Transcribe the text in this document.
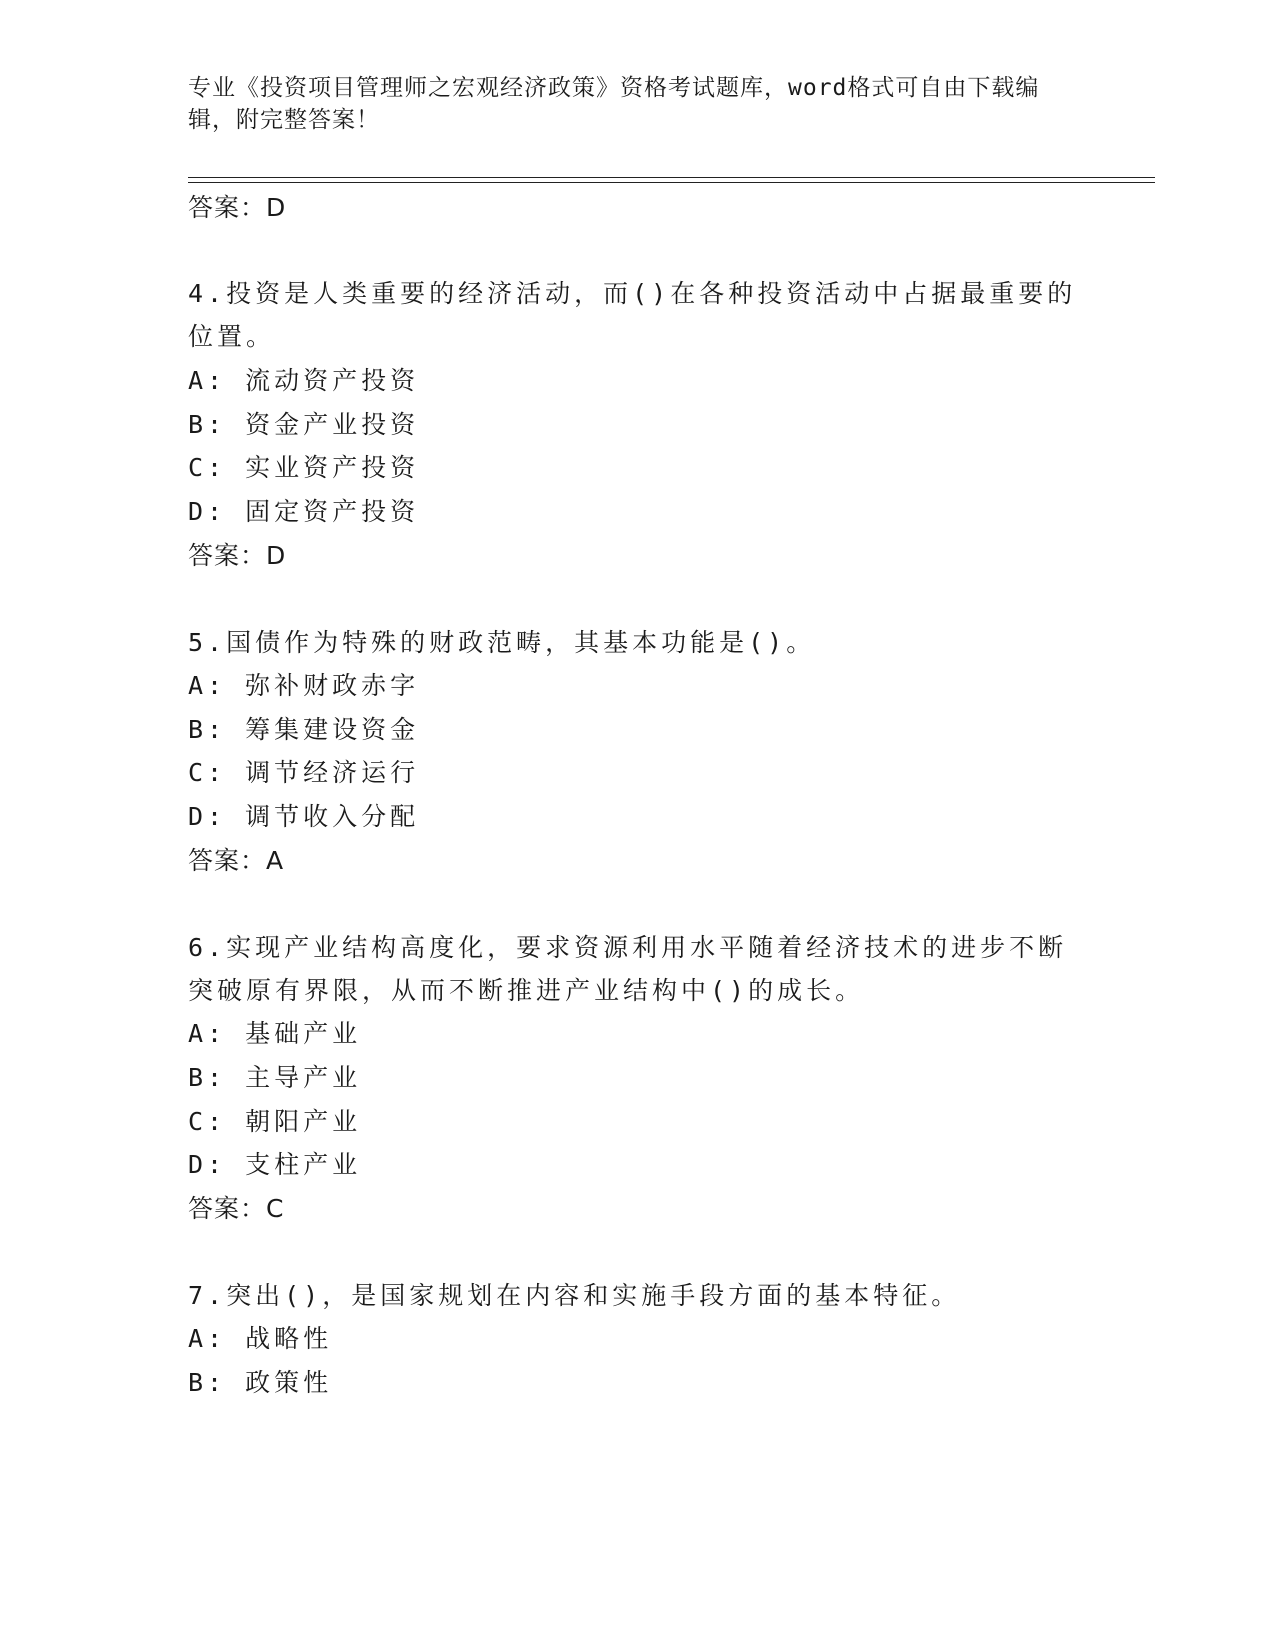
专业《投资项目管理师之宏观经济政策》资格考试题库，word格式可自由下载编辑，附完整答案！
答案：D
4.投资是人类重要的经济活动，而()在各种投资活动中占据最重要的
位置。
A: 流动资产投资
B: 资金产业投资
C: 实业资产投资
D: 固定资产投资
答案：D
5.国债作为特殊的财政范畴，其基本功能是()。
A: 弥补财政赤字
B: 筹集建设资金
C: 调节经济运行
D: 调节收入分配
答案：A
6.实现产业结构高度化，要求资源利用水平随着经济技术的进步不断
突破原有界限，从而不断推进产业结构中()的成长。
A: 基础产业
B: 主导产业
C: 朝阳产业
D: 支柱产业
答案：C
7.突出()，是国家规划在内容和实施手段方面的基本特征。
A: 战略性
B: 政策性
